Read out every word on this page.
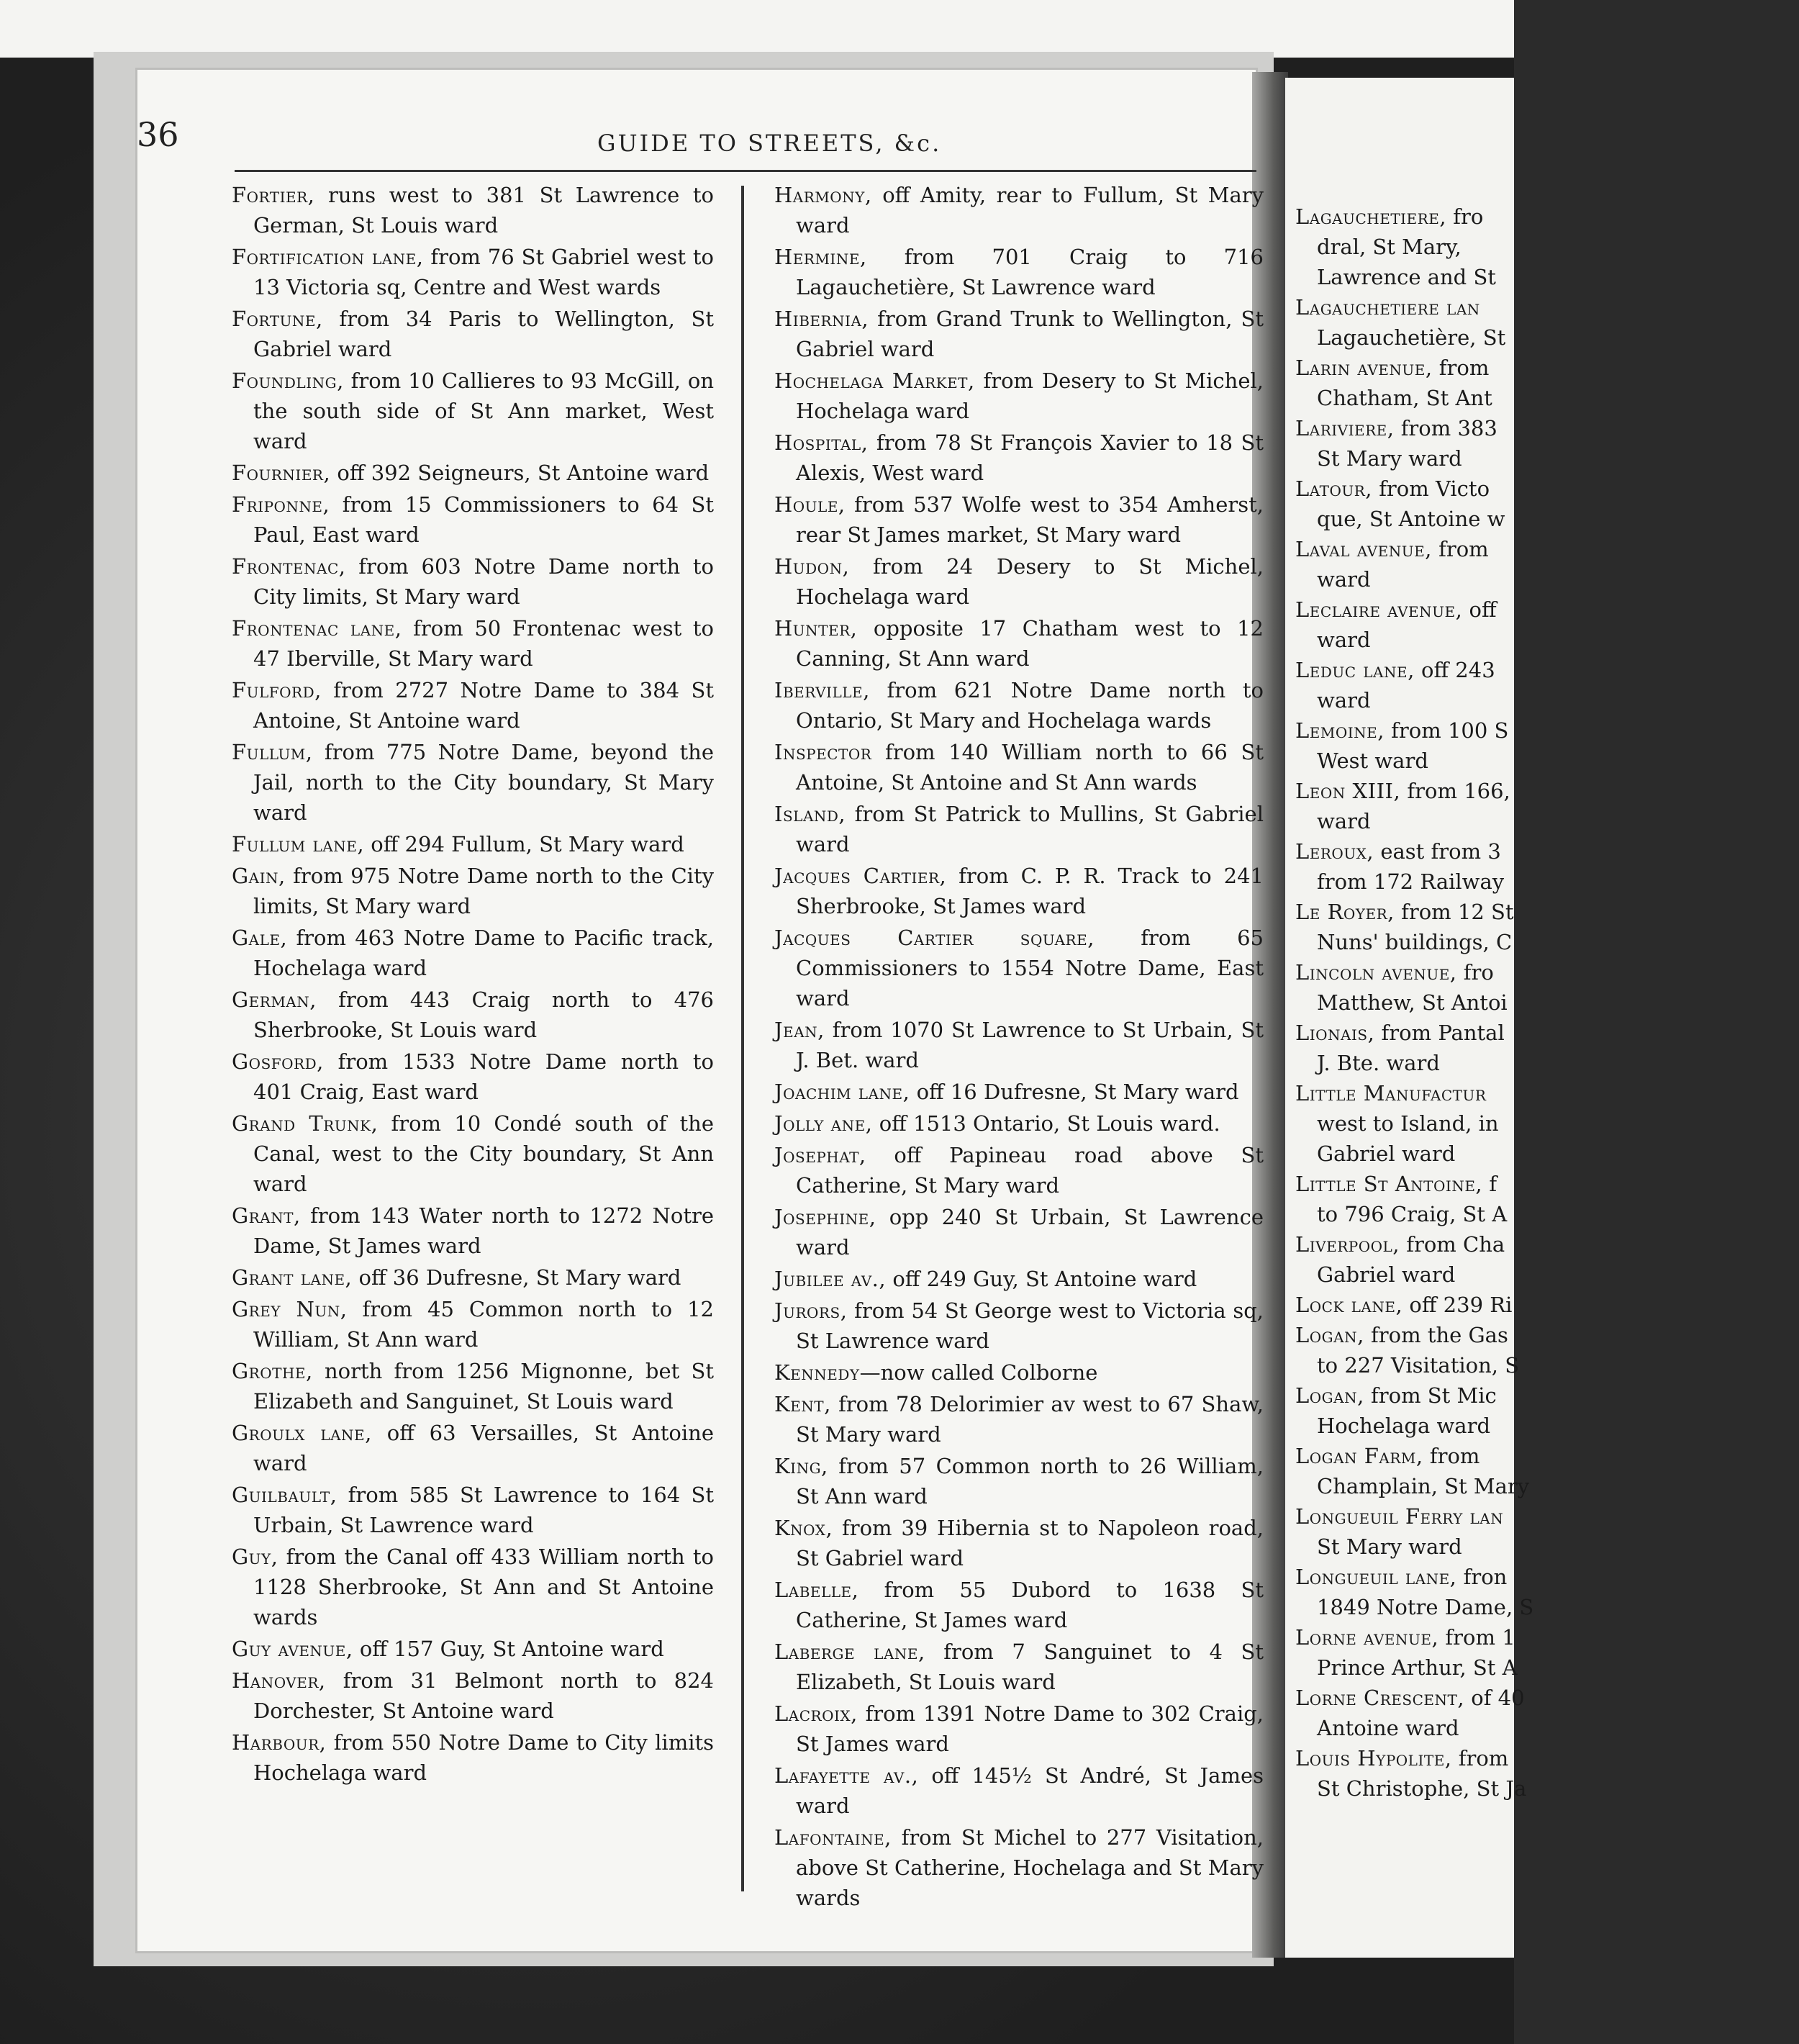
36	GUIDE TO STREETS, &c.
Fortier, runs west to 381 St Lawrence to German, St Louis ward
Fortification lane, from 76 St Gabriel west to 13 Victoria sq, Centre and West wards
Fortune, from 34 Paris to Wellington, St Gabriel ward
Foundling, from 10 Callieres to 93 McGill, on the south side of St Ann market, West ward
Fournier, off 392 Seigneurs, St Antoine ward
Friponne, from 15 Commissioners to 64 St Paul, East ward
Frontenac, from 603 Notre Dame north to City limits, St Mary ward
Frontenac lane, from 50 Frontenac west to 47 Iberville, St Mary ward
Fulford, from 2727 Notre Dame to 384 St Antoine, St Antoine ward
Fullum, from 775 Notre Dame, beyond the Jail, north to the City boundary, St Mary ward
Fullum lane, off 294 Fullum, St Mary ward
Gain, from 975 Notre Dame north to the City limits, St Mary ward
Gale, from 463 Notre Dame to Pacific track, Hochelaga ward
German, from 443 Craig north to 476 Sherbrooke, St Louis ward
Gosford, from 1533 Notre Dame north to 401 Craig, East ward
Grand Trunk, from 10 Condé south of the Canal, west to the City boundary, St Ann ward
Grant, from 143 Water north to 1272 Notre Dame, St James ward
Grant lane, off 36 Dufresne, St Mary ward
Grey Nun, from 45 Common north to 12 William, St Ann ward
Grothe, north from 1256 Mignonne, bet St Elizabeth and Sanguinet, St Louis ward
Groulx lane, off 63 Versailles, St Antoine ward
Guilbault, from 585 St Lawrence to 164 St Urbain, St Lawrence ward
Guy, from the Canal off 433 William north to 1128 Sherbrooke, St Ann and St Antoine wards
Guy avenue, off 157 Guy, St Antoine ward
Hanover, from 31 Belmont north to 824 Dorchester, St Antoine ward
Harbour, from 550 Notre Dame to City limits Hochelaga ward
Harmony, off Amity, rear to Fullum, St Mary ward
Hermine, from 701 Craig to 716 Lagauchetière, St Lawrence ward
Hibernia, from Grand Trunk to Wellington, St Gabriel ward
Hochelaga Market, from Desery to St Michel, Hochelaga ward
Hospital, from 78 St François Xavier to 18 St Alexis, West ward
Houle, from 537 Wolfe west to 354 Amherst, rear St James market, St Mary ward
Hudon, from 24 Desery to St Michel, Hochelaga ward
Hunter, opposite 17 Chatham west to 12 Canning, St Ann ward
Iberville, from 621 Notre Dame north to Ontario, St Mary and Hochelaga wards
Inspector from 140 William north to 66 St Antoine, St Antoine and St Ann wards
Island, from St Patrick to Mullins, St Gabriel ward
Jacques Cartier, from C. P. R. Track to 241 Sherbrooke, St James ward
Jacques Cartier square, from 65 Commissioners to 1554 Notre Dame, East ward
Jean, from 1070 St Lawrence to St Urbain, St J. Bet. ward
Joachim lane, off 16 Dufresne, St Mary ward
Jolly ane, off 1513 Ontario, St Louis ward.
Josephat, off Papineau road above St Catherine, St Mary ward
Josephine, opp 240 St Urbain, St Lawrence ward
Jubilee av., off 249 Guy, St Antoine ward
Jurors, from 54 St George west to Victoria sq, St Lawrence ward
Kennedy—now called Colborne
Kent, from 78 Delorimier av west to 67 Shaw, St Mary ward
King, from 57 Common north to 26 William, St Ann ward
Knox, from 39 Hibernia st to Napoleon road, St Gabriel ward
Labelle, from 55 Dubord to 1638 St Catherine, St James ward
Laberge lane, from 7 Sanguinet to 4 St Elizabeth, St Louis ward
Lacroix, from 1391 Notre Dame to 302 Craig, St James ward
Lafayette av., off 145½ St André, St James ward
Lafontaine, from St Michel to 277 Visitation, above St Catherine, Hochelaga and St Mary wards
Lagauchetiere, fro
dral, St Mary,
Lawrence and St
Lagauchetiere lan
Lagauchetière, St
Larin avenue, from
Chatham, St Ant
Lariviere, from 383
St Mary ward
Latour, from Victo
que, St Antoine w
Laval avenue, from
ward
Leclaire avenue, off
ward
Leduc lane, off 243
ward
Lemoine, from 100 S
West ward
Leon XIII, from 166,
ward
Leroux, east from 3
from 172 Railway
Le Royer, from 12 St
Nuns' buildings, C
Lincoln avenue, fro
Matthew, St Antoi
Lionais, from Pantal
J. Bte. ward
Little Manufactur
west to Island, in
Gabriel ward
Little St Antoine, f
to 796 Craig, St A
Liverpool, from Cha
Gabriel ward
Lock lane, off 239 Ri
Logan, from the Gas
to 227 Visitation, S
Logan, from St Mic
Hochelaga ward
Logan Farm, from
Champlain, St Mary
Longueuil Ferry lan
St Mary ward
Longueuil lane, fron
1849 Notre Dame, S
Lorne avenue, from 1
Prince Arthur, St A
Lorne Crescent, of 40
Antoine ward
Louis Hypolite, from
St Christophe, St Ja
